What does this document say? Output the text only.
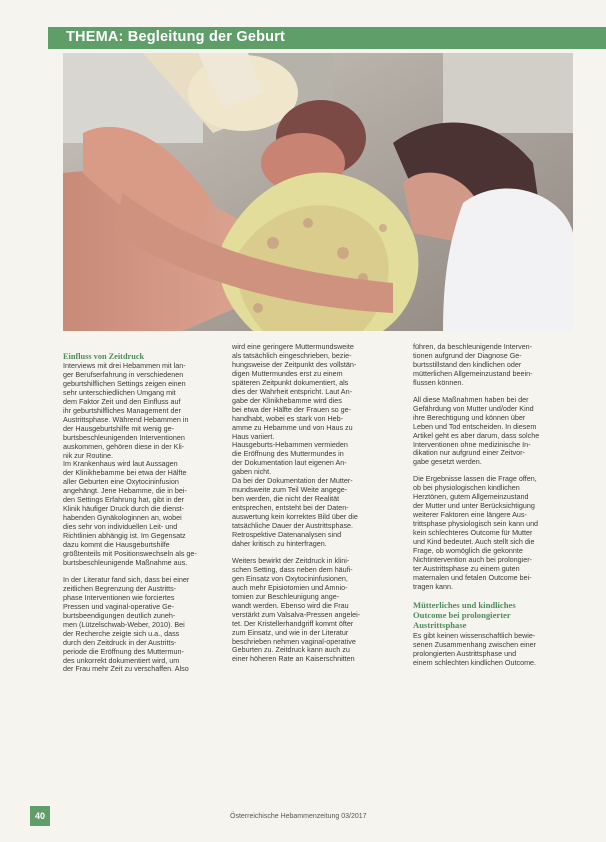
THEMA: Begleitung der Geburt
Einfluss von Zeitdruck

Interviews mit drei Hebammen mit lan-
ger Berufserfahrung in verschiedenen
geburtshilflichen Settings zeigen einen
sehr unterschiedlichen Umgang mit
dem Faktor Zeit und den Einfluss auf
ihr geburtshilfliches Management der
Austrittsphase. Während Hebammen in
der Hausgeburtshilfe mit wenig ge-
burtsbeschleunigenden Interventionen
auskommen, gehören diese in der Kli-
nik zur Routine.
Im Krankenhaus wird laut Aussagen
der Klinikhebamme bei etwa der Hälfte
aller Geburten eine Oxytocininfusion
angehängt. Jene Hebamme, die in bei-
den Settings Erfahrung hat, gibt in der
Klinik häufiger Druck durch die dienst-
habenden Gynäkologinnen an, wobei
dies sehr von individuellen Leit- und
Richtlinien abhängig ist. Im Gegensatz
dazu kommt die Hausgeburtshilfe
größtenteils mit Positionswechseln als ge-
burtsbeschleunigende Maßnahme aus.

In der Literatur fand sich, dass bei einer
zeitlichen Begrenzung der Austritts-
phase Interventionen wie forciertes
Pressen und vaginal-operative Ge-
burtsbeendigungen deutlich zuneh-
men (Lützelschwab-Weber, 2010). Bei
der Recherche zeigte sich u.a., dass
durch den Zeitdruck in der Austritts-
periode die Eröffnung des Muttermun-
des unkorrekt dokumentiert wird, um
der Frau mehr Zeit zu verschaffen. Also

wird eine geringere Muttermundsweite
als tatsächlich eingeschrieben, bezie-
hungsweise der Zeitpunkt des vollstän-
digen Muttermundes erst zu einem
späteren Zeitpunkt dokumentiert, als
dies der Wahrheit entspricht. Laut An-
gabe der Klinikhebamme wird dies
bei etwa der Hälfte der Frauen so ge-
handhabt, wobei es stark von Heb-
amme zu Hebamme und von Haus zu
Haus variiert.
Hausgeburts-Hebammen vermieden
die Eröffnung des Muttermundes in
der Dokumentation laut eigenen An-
gaben nicht.
Da bei der Dokumentation der Mutter-
mundsweite zum Teil Weite angege-
ben werden, die nicht der Realität
entsprechen, entsteht bei der Daten-
auswertung kein korrektes Bild über die
tatsächliche Dauer der Austrittsphase.
Retrospektive Datenanalysen sind
daher kritisch zu hinterfragen.

Weiters bewirkt der Zeitdruck in klini-
schen Setting, dass neben dem häufi-
gen Einsatz von Oxytocininfusionen,
auch mehr Episiotomien und Amnio-
tomien zur Beschleunigung ange-
wandt werden. Ebenso wird die Frau
verstärkt zum Valsalva-Pressen angelei-
tet. Der Kristellerhandgriff kommt öfter
zum Einsatz, und wie in der Literatur
beschrieben nehmen vaginal-operative
Geburten zu. Zeitdruck kann auch zu
einer höheren Rate an Kaiserschnitten

führen, da beschleunigende Interven-
tionen aufgrund der Diagnose Ge-
burtsstillstand den kindlichen oder
mütterlichen Allgemeinzustand beein-
flussen können.

All diese Maßnahmen haben bei der
Gefährdung von Mutter und/oder Kind
ihre Berechtigung und können über
Leben und Tod entscheiden. In diesem
Artikel geht es aber darum, dass solche
Interventionen ohne medizinische In-
dikation nur aufgrund einer Zeitvor-
gabe gesetzt werden.

Die Ergebnisse lassen die Frage offen,
ob bei physiologischen kindlichen
Herztönen, gutem Allgemeinzustand
der Mutter und unter Berücksichtigung
weiterer Faktoren eine längere Aus-
trittsphase physiologisch sein kann und
kein schlechteres Outcome für Mutter
und Kind bedeutet. Auch stellt sich die
Frage, ob womöglich die gekonnte
Nichtintervention auch bei prolongier-
ter Austrittsphase zu einem guten
maternalen und fetalen Outcome bei-
tragen kann.

Mütterliches und kindliches
Outcome bei prolongierter
Austrittsphase

Es gibt keinen wissenschaftlich bewie-
senen Zusammenhang zwischen einer
prolongierten Austrittsphase und
einem schlechten kindlichen Outcome.

40	Österreichische Hebammenzeitung 03/2017
